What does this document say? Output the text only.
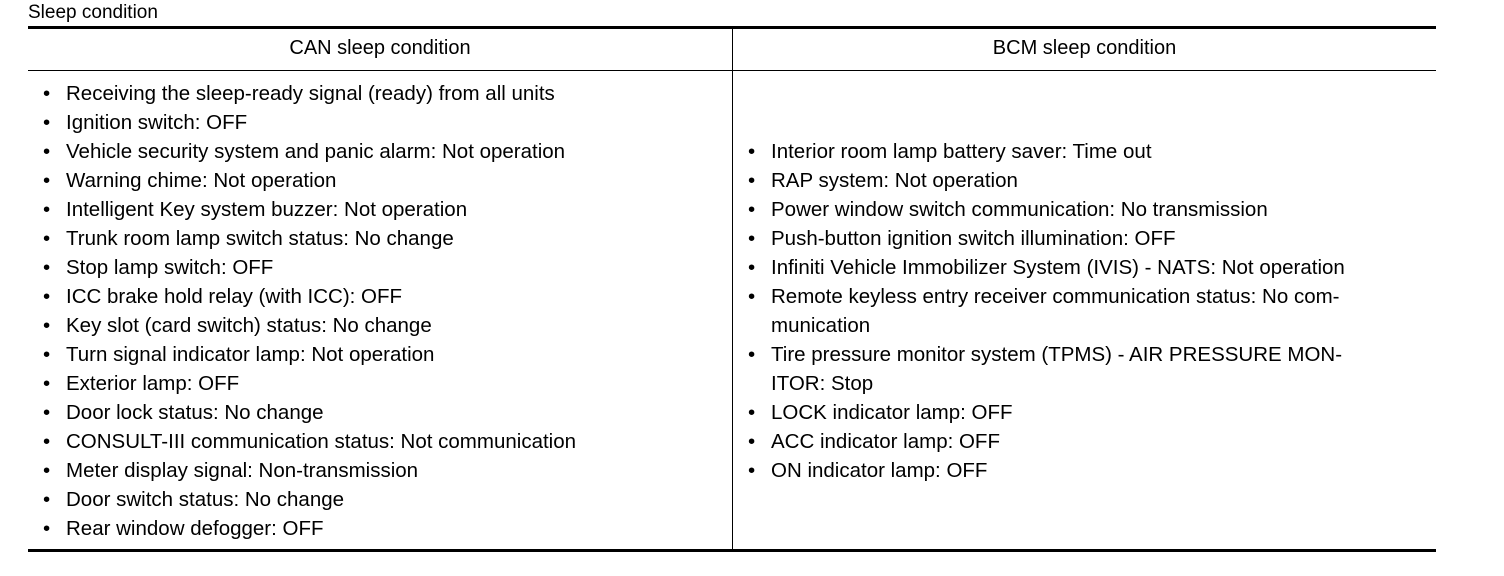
Sleep condition
CAN sleep condition	BCM sleep condition
• Receiving the sleep-ready signal (ready) from all units
• Ignition switch: OFF
• Vehicle security system and panic alarm: Not operation
• Warning chime: Not operation
• Intelligent Key system buzzer: Not operation
• Trunk room lamp switch status: No change
• Stop lamp switch: OFF
• ICC brake hold relay (with ICC): OFF
• Key slot (card switch) status: No change
• Turn signal indicator lamp: Not operation
• Exterior lamp: OFF
• Door lock status: No change
• CONSULT-III communication status: Not communication
• Meter display signal: Non-transmission
• Door switch status: No change
• Rear window defogger: OFF
• Interior room lamp battery saver: Time out
• RAP system: Not operation
• Power window switch communication: No transmission
• Push-button ignition switch illumination: OFF
• Infiniti Vehicle Immobilizer System (IVIS) - NATS: Not operation
• Remote keyless entry receiver communication status: No com-
munication
• Tire pressure monitor system (TPMS) - AIR PRESSURE MON-
ITOR: Stop
• LOCK indicator lamp: OFF
• ACC indicator lamp: OFF
• ON indicator lamp: OFF
